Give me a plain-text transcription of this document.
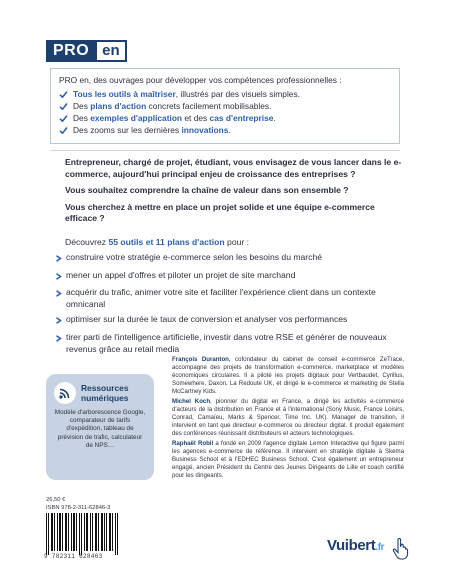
PRO en
PRO en, des ouvrages pour développer vos compétences professionnelles :
Tous les outils à maîtriser, illustrés par des visuels simples.
Des plans d'action concrets facilement mobilisables.
Des exemples d'application et des cas d'entreprise.
Des zooms sur les dernières innovations.

Entrepreneur, chargé de projet, étudiant, vous envisagez de vous lancer dans le e-commerce, aujourd'hui principal enjeu de croissance des entreprises ?

Vous souhaitez comprendre la chaîne de valeur dans son ensemble ?

Vous cherchez à mettre en place un projet solide et une équipe e-commerce efficace ?

Découvrez 55 outils et 11 plans d'action pour :
construire votre stratégie e-commerce selon les besoins du marché
mener un appel d'offres et piloter un projet de site marchand
acquérir du trafic, animer votre site et faciliter l'expérience client dans un contexte omnicanal
optimiser sur la durée le taux de conversion et analyser vos performances
tirer parti de l'intelligence artificielle, investir dans votre RSE et générer de nouveaux revenus grâce au retail media
Ressources numériques
Modèle d'arborescence Google, comparateur de tarifs d'expédition, tableau de prévision de trafic, calculateur de NPS…

François Duranton, cofondateur du cabinet de conseil e-commerce ZeTrace, accompagne des projets de transformation e-commerce, marketplace et modèles économiques circulaires. Il a piloté les projets digitaux pour Vertbaudet, Cyrillus, Somewhere, Daxon, La Redoute UK, et dirigé le e-commerce et marketing de Stella McCartney Kids.

Michel Koch, pionnier du digital en France, a dirigé les activités e-commerce d'acteurs de la distribution en France et à l'international (Sony Music, France Loisirs, Conrad, Camaïeu, Marks & Spencer, Time Inc. UK). Manager de transition, il intervient en tant que directeur e-commerce ou directeur digital. Il produit également des conférences réunissant distributeurs et acteurs technologiques.

Raphaël Robil a fondé en 2009 l'agence digitale Lemon Interactive qui figure parmi les agences e-commerce de référence. Il intervient en stratégie digitale à Skema Business School et à l'EDHEC Business School. C'est également un entrepreneur engagé, ancien Président du Centre des Jeunes Dirigeants de Lille et coach certifié pour les dirigeants.

26,50 €
ISBN 978-2-311-62846-3
9 782311 628463
Vuibert.fr
